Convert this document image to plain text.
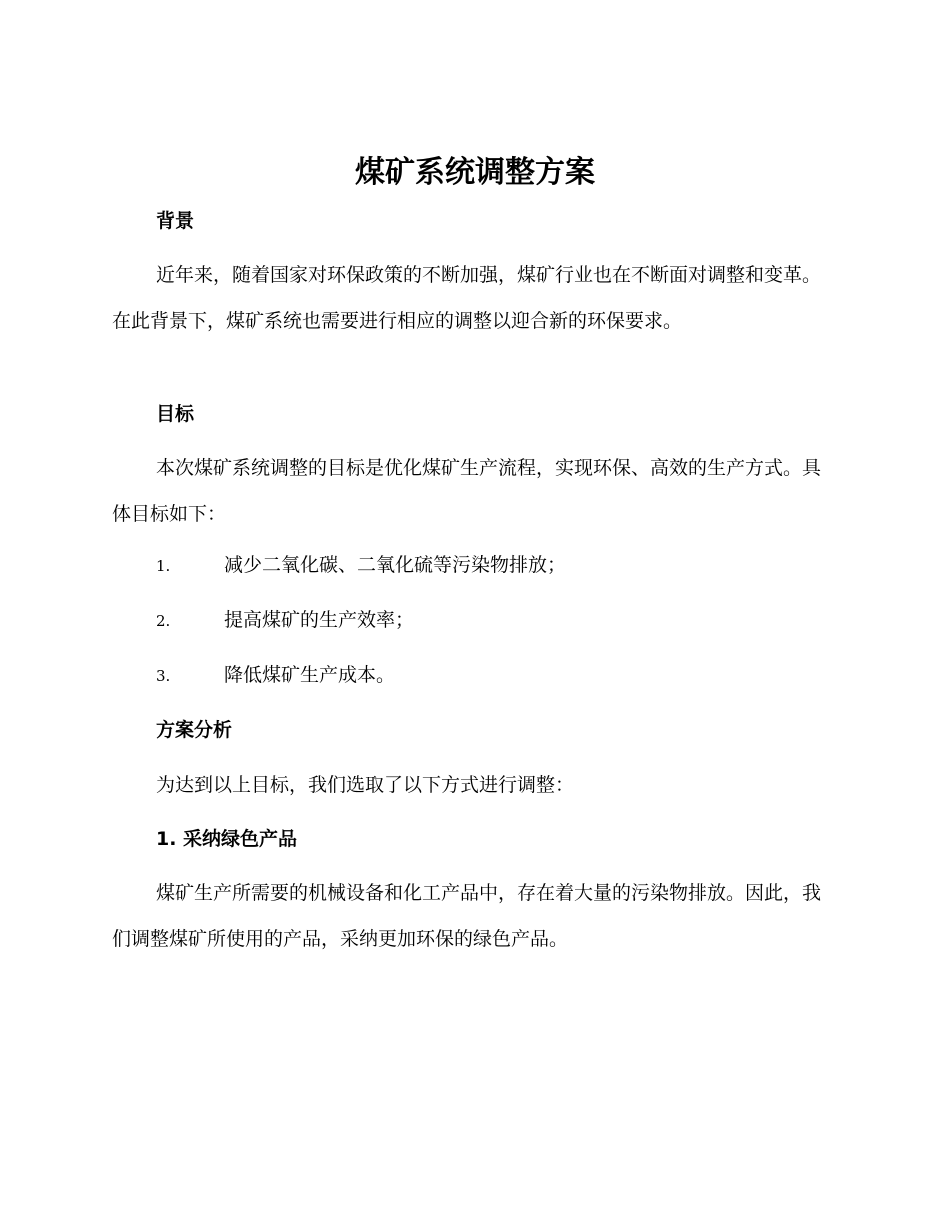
煤矿系统调整方案
背景

近年来，随着国家对环保政策的不断加强，煤矿行业也在不断面对调整和变革。在此背景下，煤矿系统也需要进行相应的调整以迎合新的环保要求。

目标

本次煤矿系统调整的目标是优化煤矿生产流程，实现环保、高效的生产方式。具体目标如下：

1.	减少二氧化碳、二氧化硫等污染物排放；
2.	提高煤矿的生产效率；
3.	降低煤矿生产成本。
方案分析

为达到以上目标，我们选取了以下方式进行调整：

1. 采纳绿色产品

煤矿生产所需要的机械设备和化工产品中，存在着大量的污染物排放。因此，我们调整煤矿所使用的产品，采纳更加环保的绿色产品。
